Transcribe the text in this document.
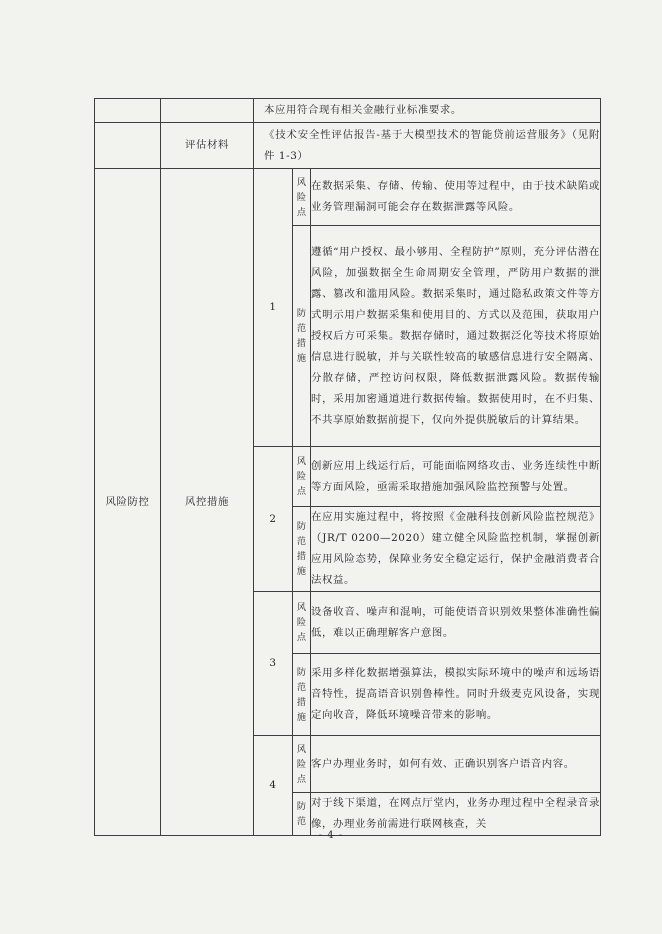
		本应用符合现有相关金融行业标准要求。		
	评估材料	《技术安全性评估报告-基于大模型技术的智能贷前运营服务》（见附件 1-3）		
风险防控	风控措施	1	风险点	在数据采集、存储、传输、使用等过程中，由于技术缺陷或业务管理漏洞可能会存在数据泄露等风险。
			防范措施	遵循“用户授权、最小够用、全程防护”原则，充分评估潜在风险，加强数据全生命周期安全管理，严防用户数据的泄露、篡改和滥用风险。数据采集时，通过隐私政策文件等方式明示用户数据采集和使用目的、方式以及范围，获取用户授权后方可采集。数据存储时，通过数据泛化等技术将原始信息进行脱敏，并与关联性较高的敏感信息进行安全隔离、分散存储，严控访问权限，降低数据泄露风险。数据传输时，采用加密通道进行数据传输。数据使用时，在不归集、不共享原始数据前提下，仅向外提供脱敏后的计算结果。
		2	风险点	创新应用上线运行后，可能面临网络攻击、业务连续性中断等方面风险，亟需采取措施加强风险监控预警与处置。
			防范措施	在应用实施过程中，将按照《金融科技创新风险监控规范》（JR/T 0200—2020）建立健全风险监控机制，掌握创新应用风险态势，保障业务安全稳定运行，保护金融消费者合法权益。
		3	风险点	设备收音、噪声和混响，可能使语音识别效果整体准确性偏低，难以正确理解客户意图。
			防范措施	采用多样化数据增强算法，模拟实际环境中的噪声和远场语音特性，提高语音识别鲁棒性。同时升级麦克风设备，实现定向收音，降低环境噪音带来的影响。
		4	风险点	客户办理业务时，如何有效、正确识别客户语音内容。
			防范	对于线下渠道，在网点厅堂内，业务办理过程中全程录音录像，办理业务前需进行联网核查，关
- 4 -
